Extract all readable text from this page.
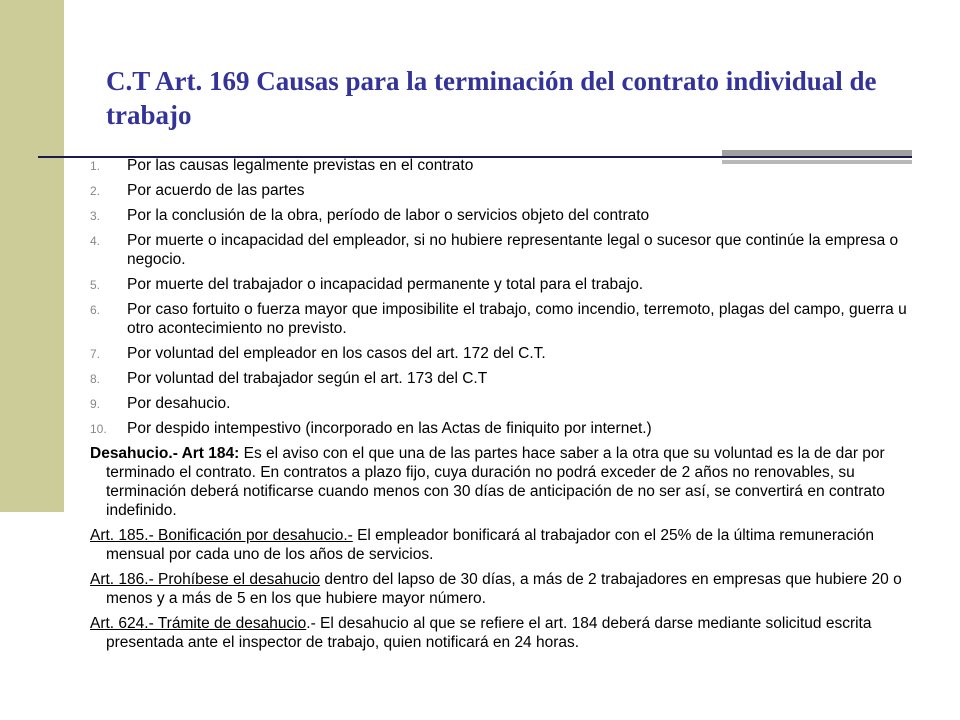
C.T Art. 169 Causas para la terminación del contrato individual de trabajo
1. Por las causas legalmente previstas en el contrato
2. Por acuerdo de las partes
3. Por la conclusión de la obra, período de labor o servicios objeto del contrato
4. Por muerte o incapacidad del empleador, si no hubiere representante legal o sucesor que continúe la empresa o negocio.
5. Por muerte del trabajador o incapacidad permanente y total para el trabajo.
6. Por caso fortuito o fuerza mayor que imposibilite el trabajo, como incendio, terremoto, plagas del campo, guerra u otro acontecimiento no previsto.
7. Por voluntad del empleador en los casos del art. 172 del C.T.
8. Por voluntad del trabajador según el art. 173 del C.T
9. Por desahucio.
10. Por despido intempestivo (incorporado en las Actas de finiquito por internet.)

Desahucio.- Art 184: Es el aviso con el que una de las partes hace saber a la otra que su voluntad es la de dar por terminado el contrato. En contratos a plazo fijo, cuya duración no podrá exceder de 2 años no renovables, su terminación deberá notificarse cuando menos con 30 días de anticipación de no ser así, se convertirá en contrato indefinido.

Art. 185.- Bonificación por desahucio.- El empleador bonificará al trabajador con el 25% de la última remuneración mensual por cada uno de los años de servicios.

Art. 186.- Prohíbese el desahucio dentro del lapso de 30 días, a más de 2 trabajadores en empresas que hubiere 20 o menos y a más de 5 en los que hubiere mayor número.

Art. 624.- Trámite de desahucio.- El desahucio al que se refiere el art. 184 deberá darse mediante solicitud escrita presentada ante el inspector de trabajo, quien notificará en 24 horas.
